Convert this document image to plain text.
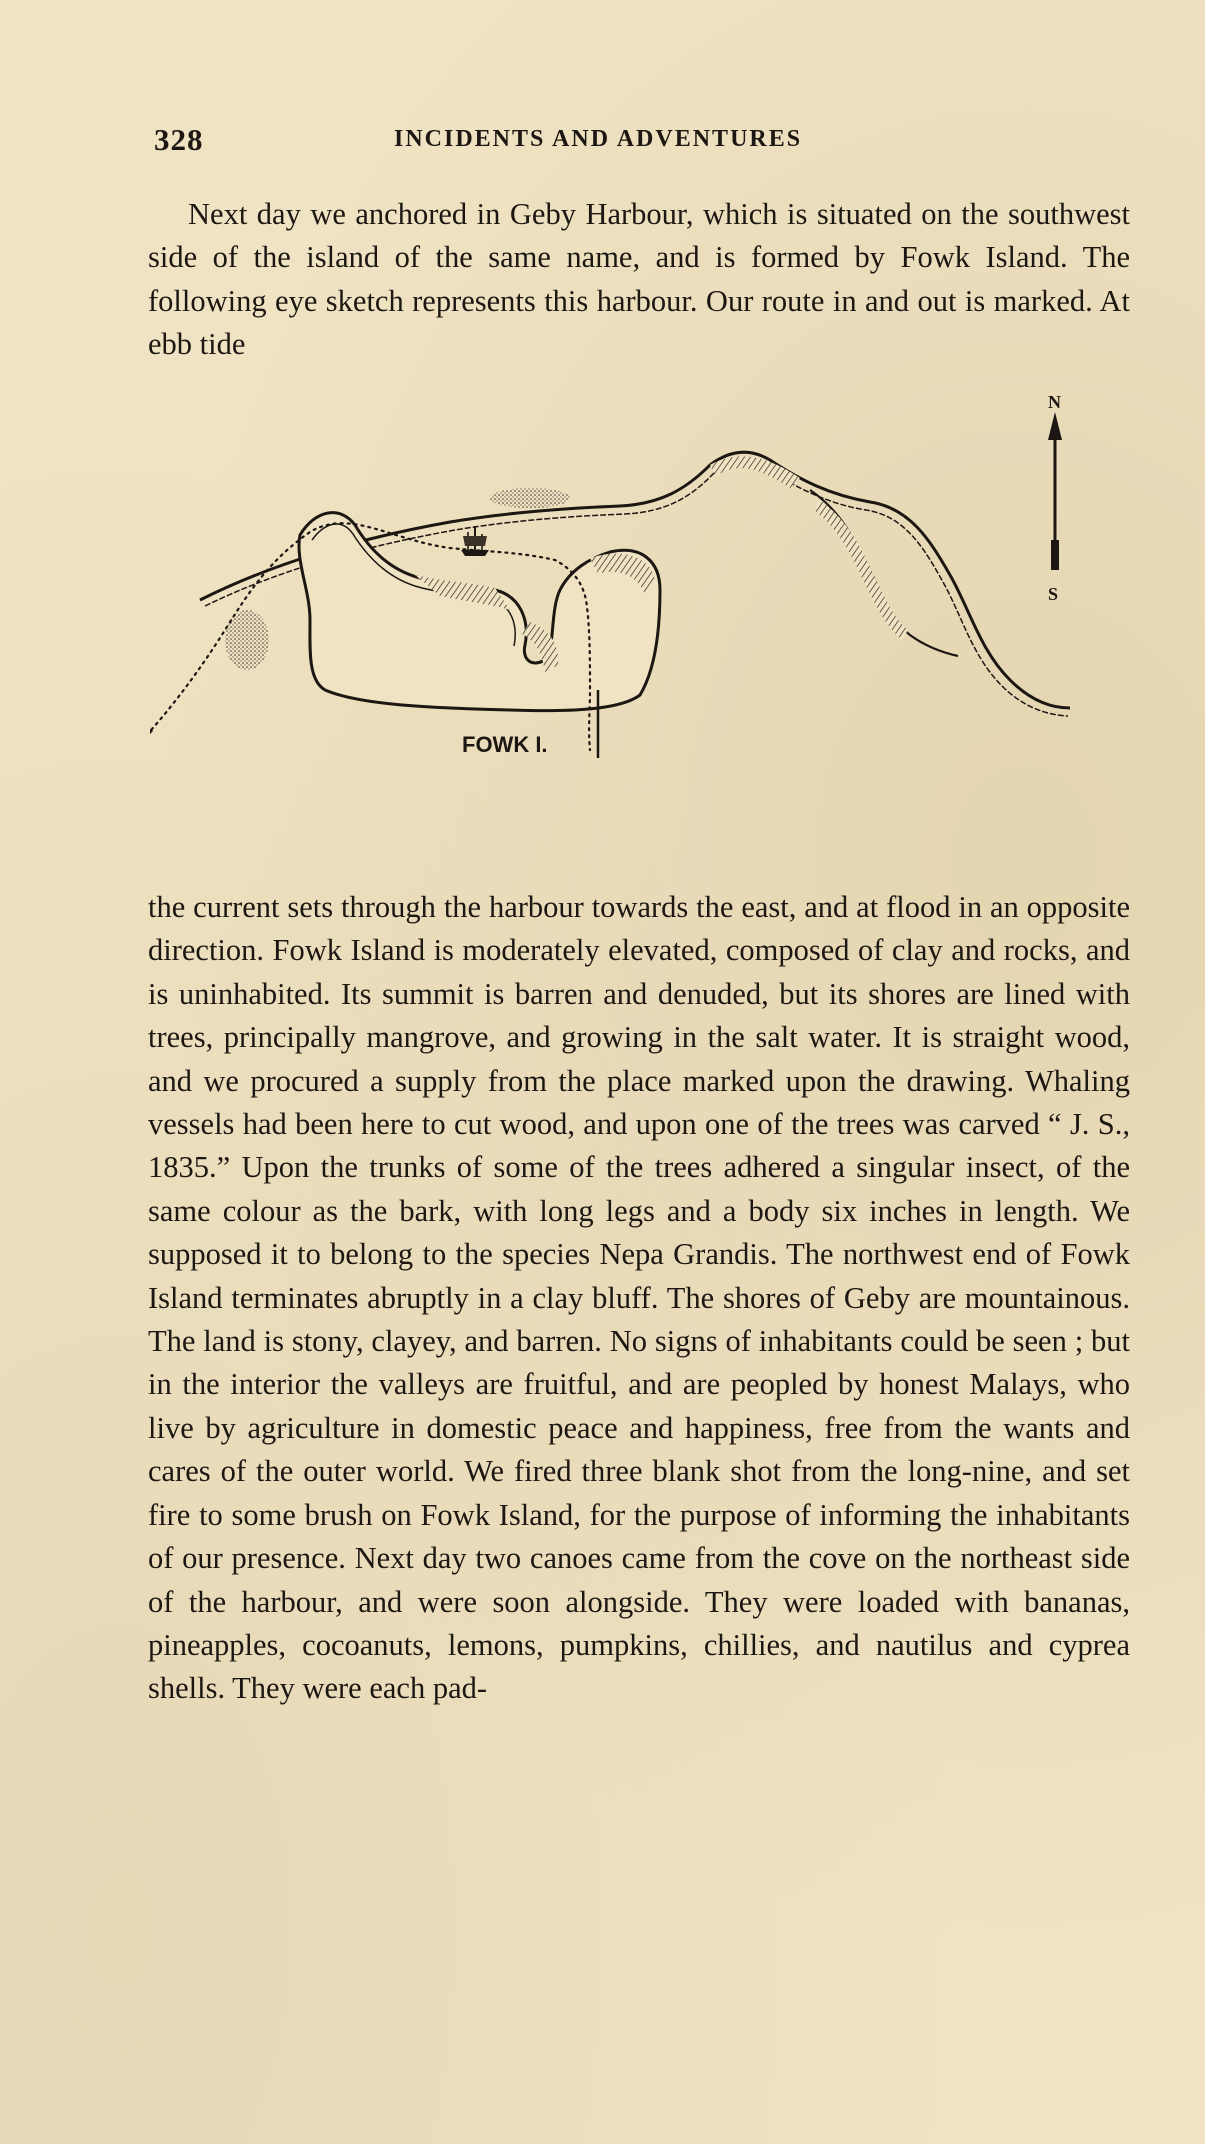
328	INCIDENTS AND ADVENTURES

Next day we anchored in Geby Harbour, which is situated on the southwest side of the island of the same name, and is formed by Fowk Island. The following eye sketch represents this harbour. Our route in and out is marked. At ebb tide

FOWK I.
N
S

the current sets through the harbour towards the east, and at flood in an opposite direction. Fowk Island is moderately elevated, composed of clay and rocks, and is uninhabited. Its summit is barren and denuded, but its shores are lined with trees, principally mangrove, and growing in the salt water. It is straight wood, and we procured a supply from the place marked upon the drawing. Whaling vessels had been here to cut wood, and upon one of the trees was carved “ J. S., 1835.” Upon the trunks of some of the trees adhered a singular insect, of the same colour as the bark, with long legs and a body six inches in length. We supposed it to belong to the species Nepa Grandis. The northwest end of Fowk Island terminates abruptly in a clay bluff. The shores of Geby are mountainous. The land is stony, clayey, and barren. No signs of inhabitants could be seen ; but in the interior the valleys are fruitful, and are peopled by honest Malays, who live by agriculture in domestic peace and happiness, free from the wants and cares of the outer world. We fired three blank shot from the long-nine, and set fire to some brush on Fowk Island, for the purpose of informing the inhabitants of our presence. Next day two canoes came from the cove on the northeast side of the harbour, and were soon alongside. They were loaded with bananas, pineapples, cocoanuts, lemons, pumpkins, chillies, and nautilus and cyprea shells. They were each pad-
